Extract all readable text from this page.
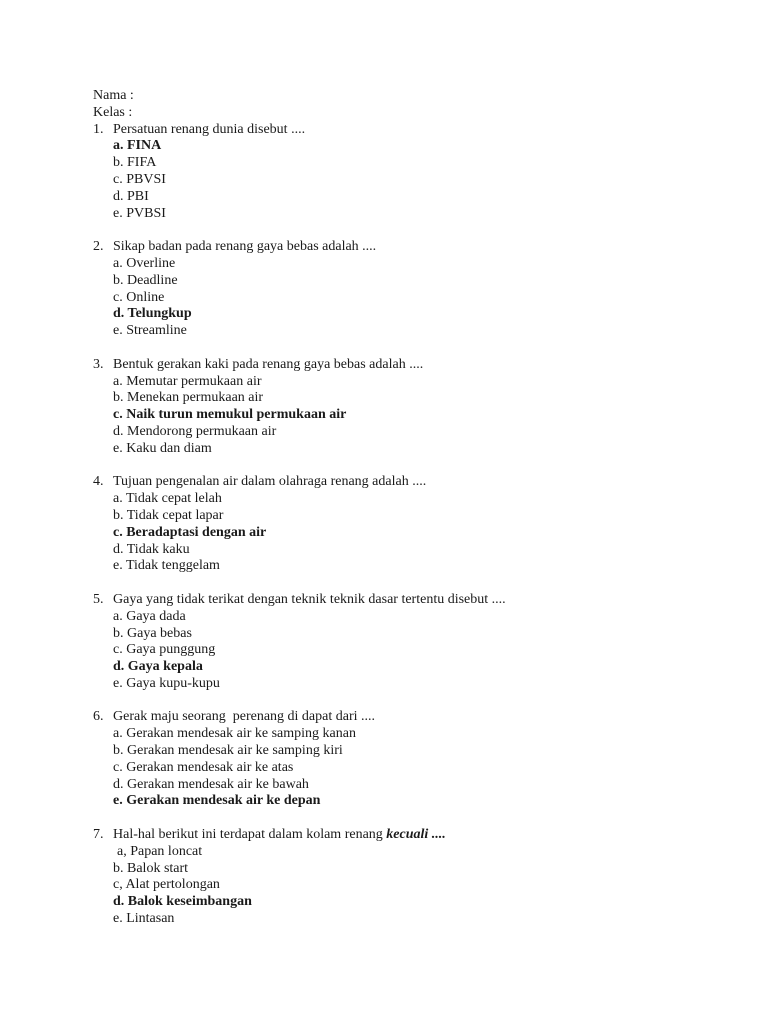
Nama :
Kelas :
1. Persatuan renang dunia disebut ....
a. FINA
b. FIFA
c. PBVSI
d. PBI
e. PVBSI
2. Sikap badan pada renang gaya bebas adalah ....
a. Overline
b. Deadline
c. Online
d. Telungkup
e. Streamline
3. Bentuk gerakan kaki pada renang gaya bebas adalah ....
a. Memutar permukaan air
b. Menekan permukaan air
c. Naik turun memukul permukaan air
d. Mendorong permukaan air
e. Kaku dan diam
4. Tujuan pengenalan air dalam olahraga renang adalah ....
a. Tidak cepat lelah
b. Tidak cepat lapar
c. Beradaptasi dengan air
d. Tidak kaku
e. Tidak tenggelam
5. Gaya yang tidak terikat dengan teknik teknik dasar tertentu disebut ....
a. Gaya dada
b. Gaya bebas
c. Gaya punggung
d. Gaya kepala
e. Gaya kupu-kupu
6. Gerak maju seorang  perenang di dapat dari ....
a. Gerakan mendesak air ke samping kanan
b. Gerakan mendesak air ke samping kiri
c. Gerakan mendesak air ke atas
d. Gerakan mendesak air ke bawah
e. Gerakan mendesak air ke depan
7. Hal-hal berikut ini terdapat dalam kolam renang kecuali ....
a, Papan loncat
b. Balok start
c, Alat pertolongan
d. Balok keseimbangan
e. Lintasan
